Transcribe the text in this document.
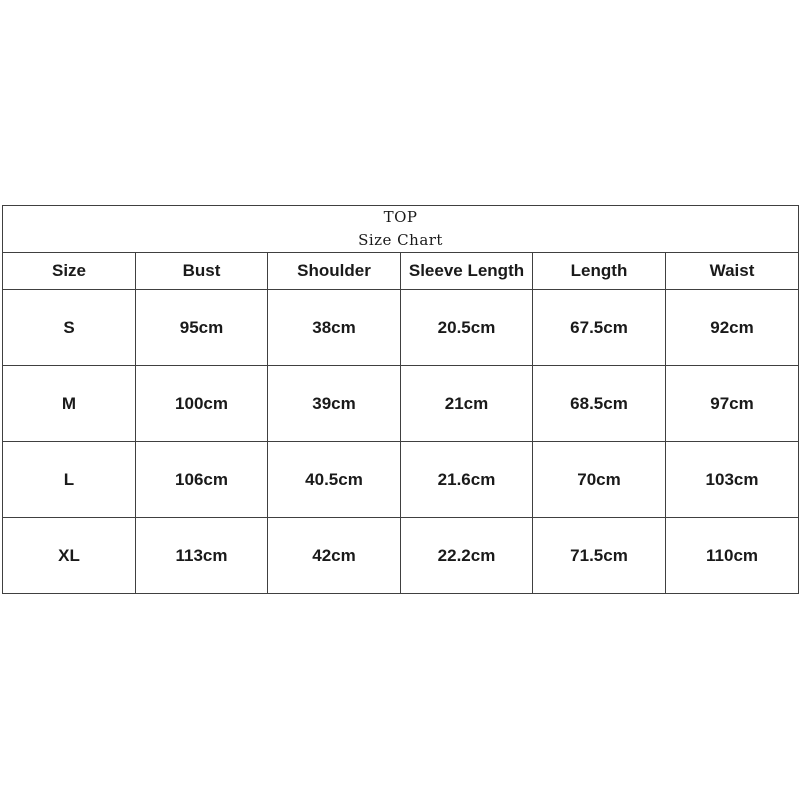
TOP
Size Chart					

Size	Bust	Shoulder	Sleeve Length	Length	Waist
S	95cm	38cm	20.5cm	67.5cm	92cm
M	100cm	39cm	21cm	68.5cm	97cm
L	106cm	40.5cm	21.6cm	70cm	103cm
XL	113cm	42cm	22.2cm	71.5cm	110cm
